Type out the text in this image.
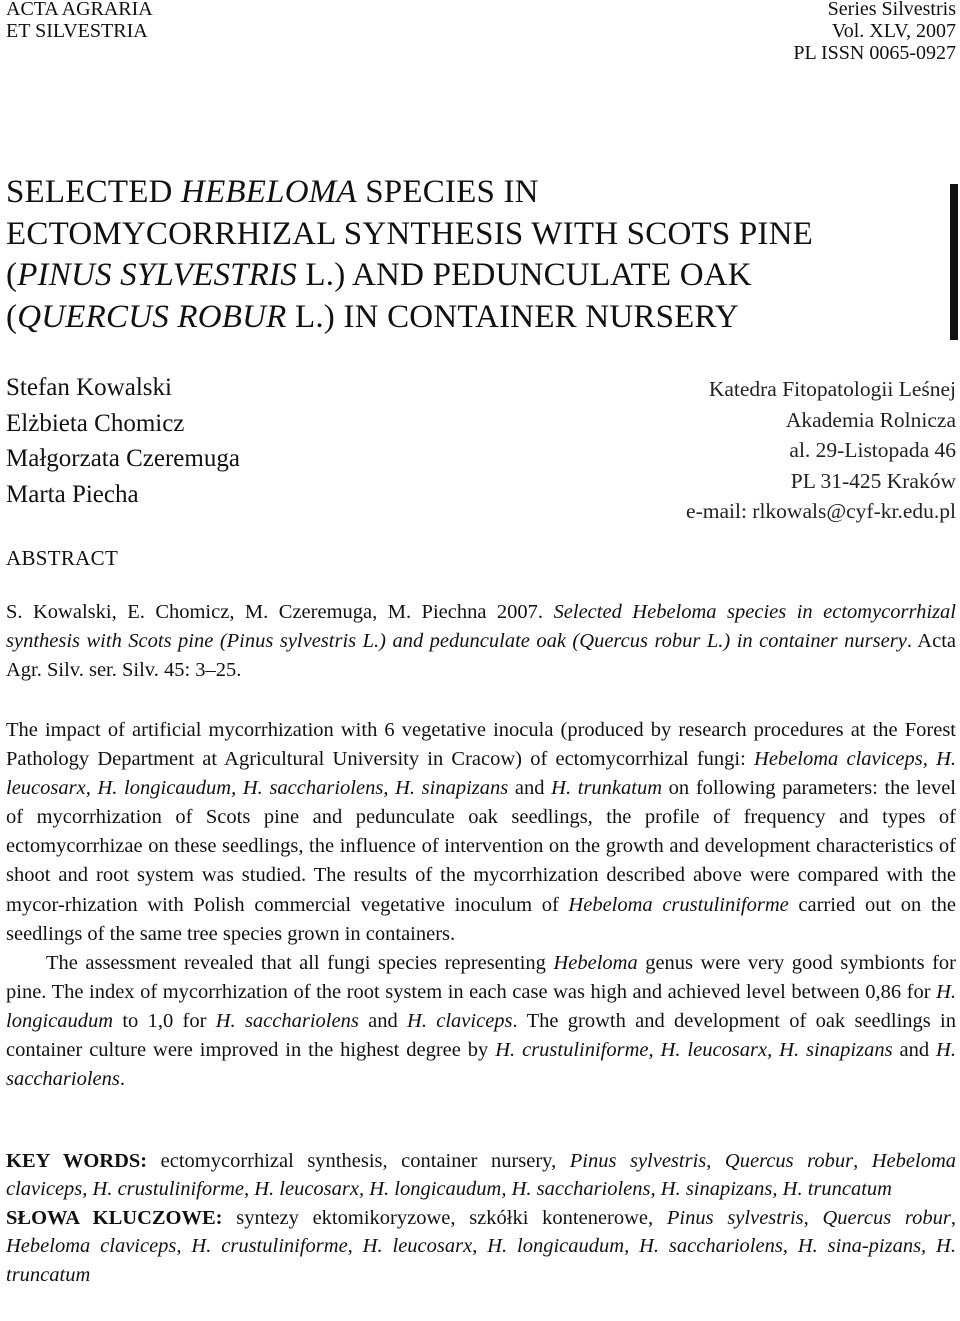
ACTA AGRARIA
ET SILVESTRIA
Series Silvestris
Vol. XLV, 2007
PL ISSN 0065-0927
SELECTED HEBELOMA SPECIES IN
ECTOMYCORRHIZAL SYNTHESIS WITH SCOTS PINE
(PINUS SYLVESTRIS L.) AND PEDUNCULATE OAK
(QUERCUS ROBUR L.) IN CONTAINER NURSERY
Stefan Kowalski
Elżbieta Chomicz
Małgorzata Czeremuga
Marta Piecha
Katedra Fitopatologii Leśnej
Akademia Rolnicza
al. 29-Listopada 46
PL 31-425 Kraków
e-mail: rlkowals@cyf-kr.edu.pl
ABSTRACT
S. Kowalski, E. Chomicz, M. Czeremuga, M. Piechna 2007. Selected Hebeloma species in ectomycorrhizal synthesis with Scots pine (Pinus sylvestris L.) and pedunculate oak (Quercus robur L.) in container nursery. Acta Agr. Silv. ser. Silv. 45: 3–25.

The impact of artificial mycorrhization with 6 vegetative inocula (produced by research procedures at the Forest Pathology Department at Agricultural University in Cracow) of ectomycorrhizal fungi: Hebeloma claviceps, H. leucosarx, H. longicaudum, H. sacchariolens, H. sinapizans and H. trunkatum on following parameters: the level of mycorrhization of Scots pine and pedunculate oak seedlings, the profile of frequency and types of ectomycorrhizae on these seedlings, the influence of intervention on the growth and development characteristics of shoot and root system was studied. The results of the mycorrhization described above were compared with the mycor-rhization with Polish commercial vegetative inoculum of Hebeloma crustuliniforme carried out on the seedlings of the same tree species grown in containers.

The assessment revealed that all fungi species representing Hebeloma genus were very good symbionts for pine. The index of mycorrhization of the root system in each case was high and achieved level between 0,86 for H. longicaudum to 1,0 for H. sacchariolens and H. claviceps. The growth and development of oak seedlings in container culture were improved in the highest degree by H. crustuliniforme, H. leucosarx, H. sinapizans and H. sacchariolens.

KEY WORDS: ectomycorrhizal synthesis, container nursery, Pinus sylvestris, Quercus robur, Hebeloma claviceps, H. crustuliniforme, H. leucosarx, H. longicaudum, H. sacchariolens, H. sinapizans, H. truncatum

SŁOWA KLUCZOWE: syntezy ektomikoryzowe, szkółki kontenerowe, Pinus sylvestris, Quercus robur, Hebeloma claviceps, H. crustuliniforme, H. leucosarx, H. longicaudum, H. sacchariolens, H. sina-pizans, H. truncatum
